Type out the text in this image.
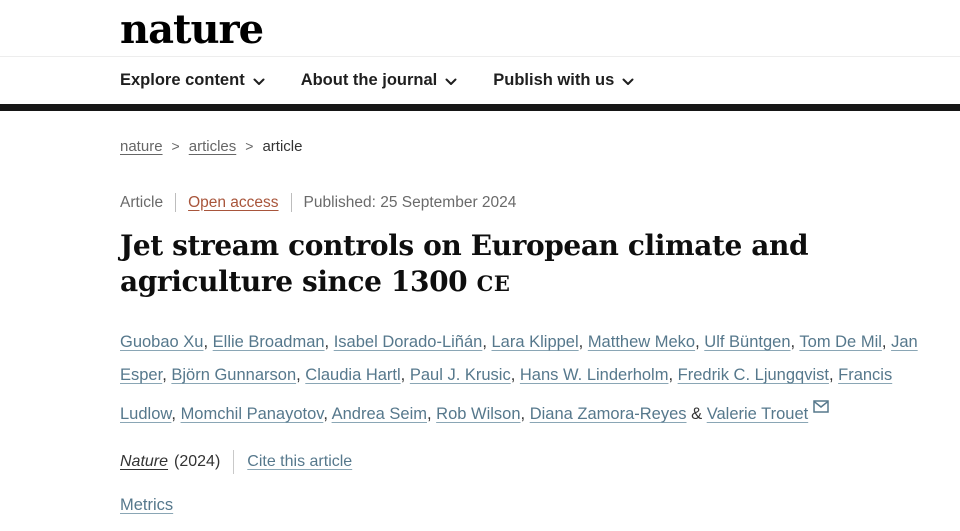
nature
Explore content	About the journal	Publish with us
nature > articles > article
Article Open access Published: 25 September 2024
Jet stream controls on European climate and agriculture since 1300 CE

Guobao Xu, Ellie Broadman, Isabel Dorado-Liñán, Lara Klippel, Matthew Meko, Ulf Büntgen, Tom De Mil, Jan Esper, Björn Gunnarson, Claudia Hartl, Paul J. Krusic, Hans W. Linderholm, Fredrik C. Ljungqvist, Francis Ludlow, Momchil Panayotov, Andrea Seim, Rob Wilson, Diana Zamora-Reyes & Valerie Trouet

Nature (2024) Cite this article
Metrics
